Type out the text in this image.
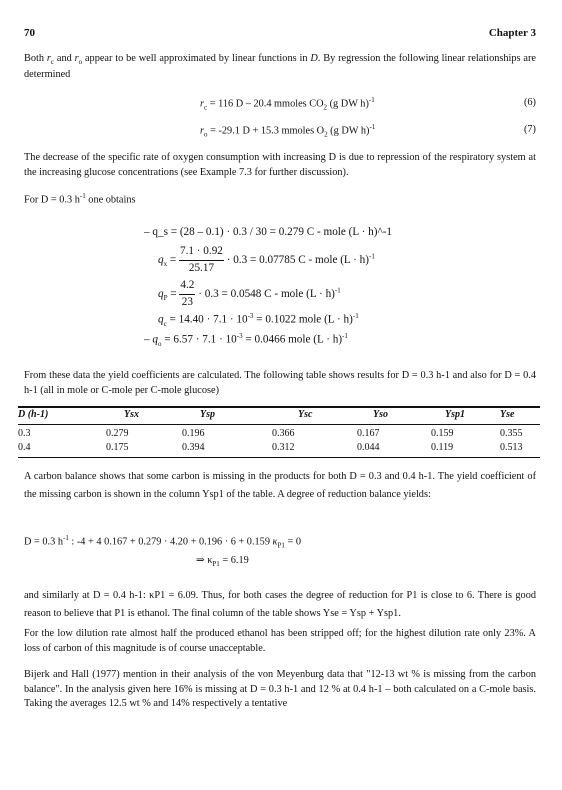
70	Chapter 3
Both $r_c$ and $r_o$ appear to be well approximated by linear functions in D. By regression the following linear relationships are determined
$r_c = 116$ D – 20.4 mmoles $CO_2$ (g DW h)$^{-1}$	(6)
$r_o = -29.1$ D + 15.3 mmoles $O_2$ (g DW h)$^{-1}$	(7)
The decrease of the specific rate of oxygen consumption with increasing D is due to repression of the respiratory system at the increasing glucose concentrations (see Example 7.3 for further discussion).
For D = 0.3 $h^{-1}$ one obtains
– q_s = (28 – 0.1) · 0.3 / 30 = 0.279 C - mole (L · h)^-1
$q_x = \frac{7.1 \cdot 0.92}{25.17} \cdot 0.3 = 0.07785$ C - mole $(L \cdot h)^{-1}$
$q_P = \frac{4.2}{23} \cdot 0.3 = 0.0548$ C - mole $(L \cdot h)^{-1}$
$q_c = 14.40 \cdot 7.1 \cdot 10^{-3} = 0.1022$ mole $(L \cdot h)^{-1}$
– $q_o = 6.57 \cdot 7.1 \cdot 10^{-3} = 0.0466$ mole $(L \cdot h)^{-1}$
From these data the yield coefficients are calculated. The following table shows results for D = 0.3 h-1 and also for D = 0.4 h-1 (all in mole or C-mole per C-mole glucose)
D (h-1)	Ysx	Ysp	Ysc	Yso	Ysp1	Yse
0.3	0.279	0.196	0.366	0.167	0.159	0.355
0.4	0.175	0.394	0.312	0.044	0.119	0.513
A carbon balance shows that some carbon is missing in the products for both D = 0.3 and 0.4 h-1. The yield coefficient of the missing carbon is shown in the column Ysp1 of the table. A degree of reduction balance yields:
D = 0.3 $h^{-1}$ : -4 + 4 0.167 + 0.279 · 4.20 + 0.196 · 6 + 0.159 $\kappa_{P1} = 0$
⇒ $\kappa_{P1} = 6.19$
and similarly at D = 0.4 h-1: κP1 = 6.09. Thus, for both cases the degree of reduction for P1 is close to 6. There is good reason to believe that P1 is ethanol. The final column of the table shows Yse = Ysp + Ysp1.
For the low dilution rate almost half the produced ethanol has been stripped off; for the highest dilution rate only 23%. A loss of carbon of this magnitude is of course unacceptable.
Bijerk and Hall (1977) mention in their analysis of the von Meyenburg data that "12-13 wt % is missing from the carbon balance". In the analysis given here 16% is missing at D = 0.3 h-1 and 12 % at 0.4 h-1 – both calculated on a C-mole basis. Taking the averages 12.5 wt % and 14% respectively a tentative
